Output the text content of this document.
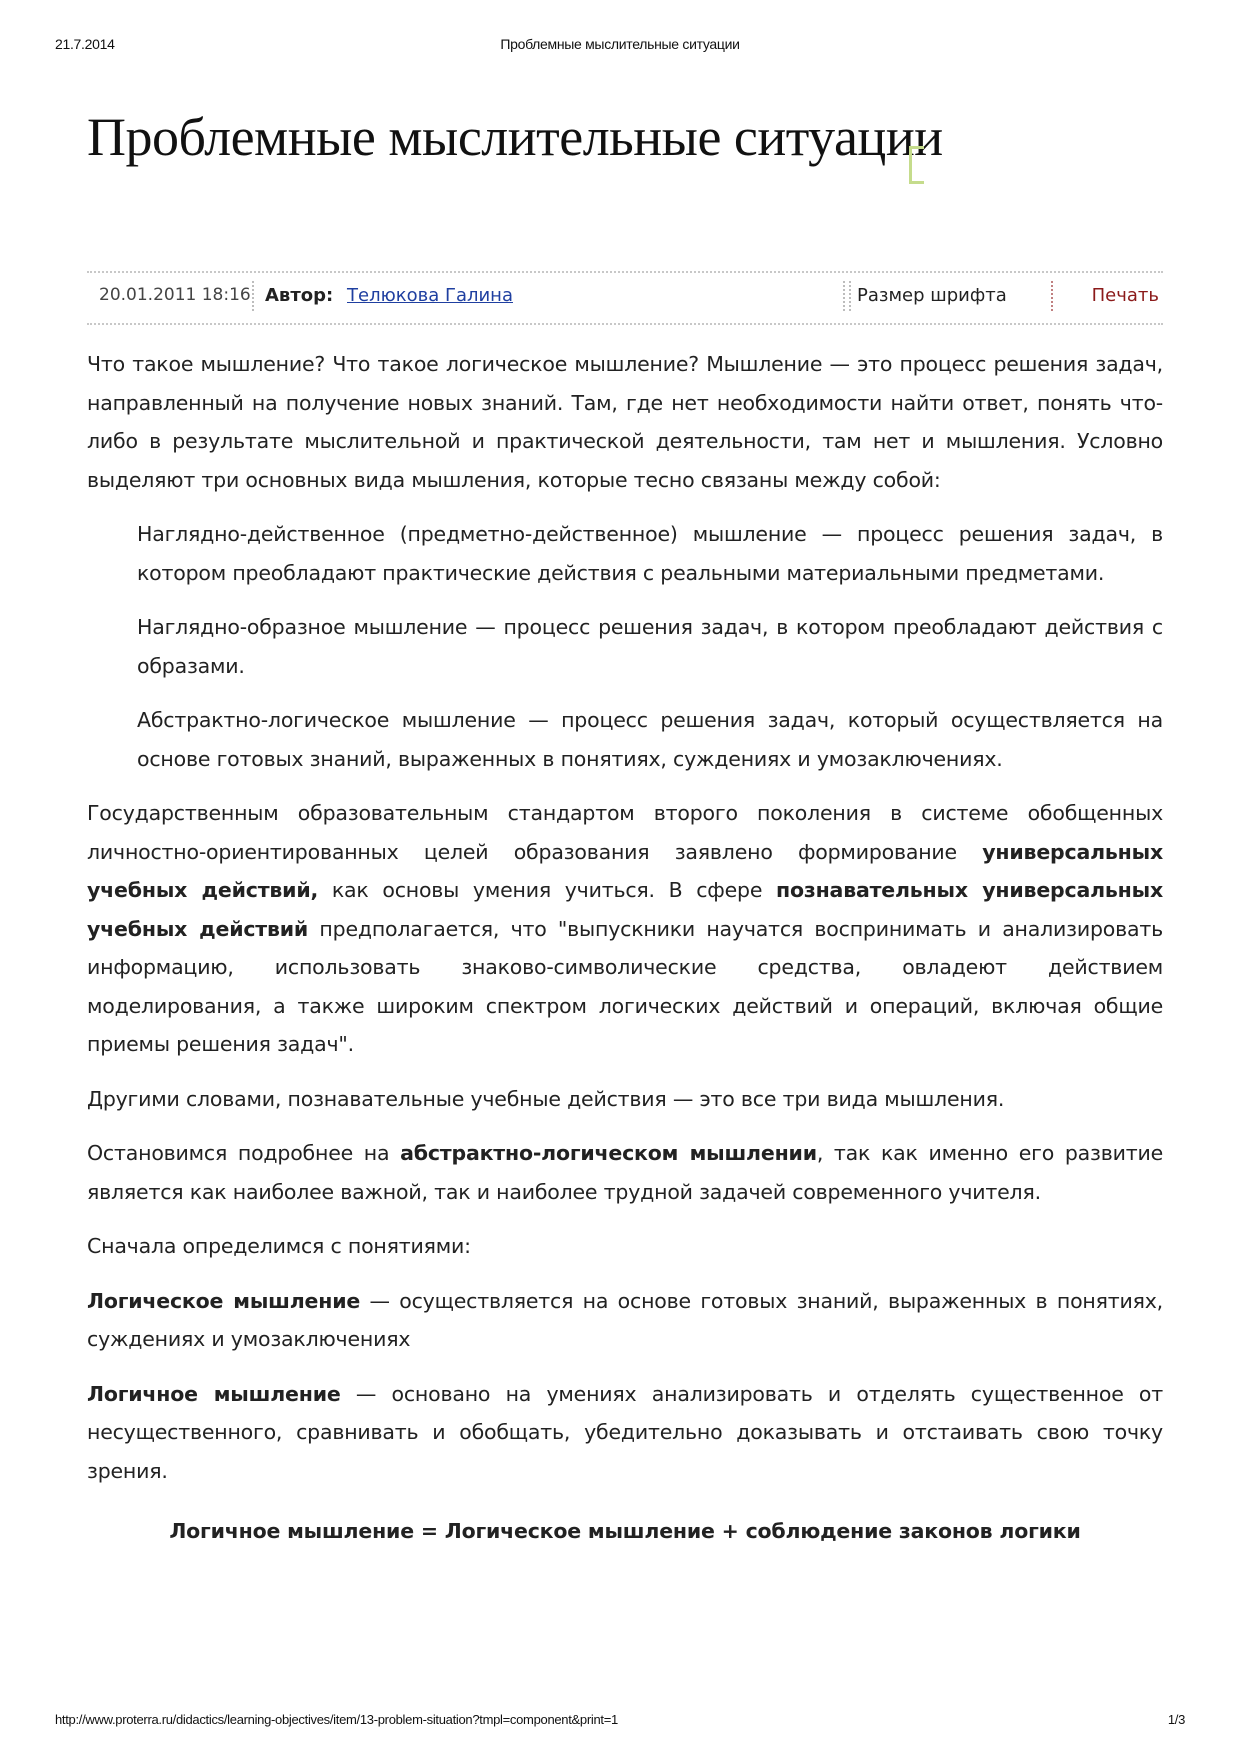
21.7.2014	Проблемные мыслительные ситуации
Проблемные мыслительные ситуации
20.01.2011 18:16 Автор: Телюкова Галина	Размер шрифта	Печать

Что такое мышление? Что такое логическое мышление? Мышление — это процесс решения задач, направленный на получение новых знаний. Там, где нет необходимости найти ответ, понять что-либо в результате мыслительной и практической деятельности, там нет и мышления. Условно выделяют три основных вида мышления, которые тесно связаны между собой:

Наглядно-действенное (предметно-действенное) мышление — процесс решения задач, в котором преобладают практические действия с реальными материальными предметами.

Наглядно-образное мышление — процесс решения задач, в котором преобладают действия с образами.

Абстрактно-логическое мышление — процесс решения задач, который осуществляется на основе готовых знаний, выраженных в понятиях, суждениях и умозаключениях.

Государственным образовательным стандартом второго поколения в системе обобщенных личностно-ориентированных целей образования заявлено формирование универсальных учебных действий, как основы умения учиться. В сфере познавательных универсальных учебных действий предполагается, что "выпускники научатся воспринимать и анализировать информацию, использовать знаково-символические средства, овладеют действием моделирования, а также широким спектром логических действий и операций, включая общие приемы решения задач".

Другими словами, познавательные учебные действия — это все три вида мышления.

Остановимся подробнее на абстрактно-логическом мышлении, так как именно его развитие является как наиболее важной, так и наиболее трудной задачей современного учителя.

Сначала определимся с понятиями:

Логическое мышление — осуществляется на основе готовых знаний, выраженных в понятиях, суждениях и умозаключениях

Логичное мышление — основано на умениях анализировать и отделять существенное от несущественного, сравнивать и обобщать, убедительно доказывать и отстаивать свою точку зрения.

Логичное мышление = Логическое мышление + соблюдение законов логики

http://www.proterra.ru/didactics/learning-objectives/item/13-problem-situation?tmpl=component&print=1	1/3
